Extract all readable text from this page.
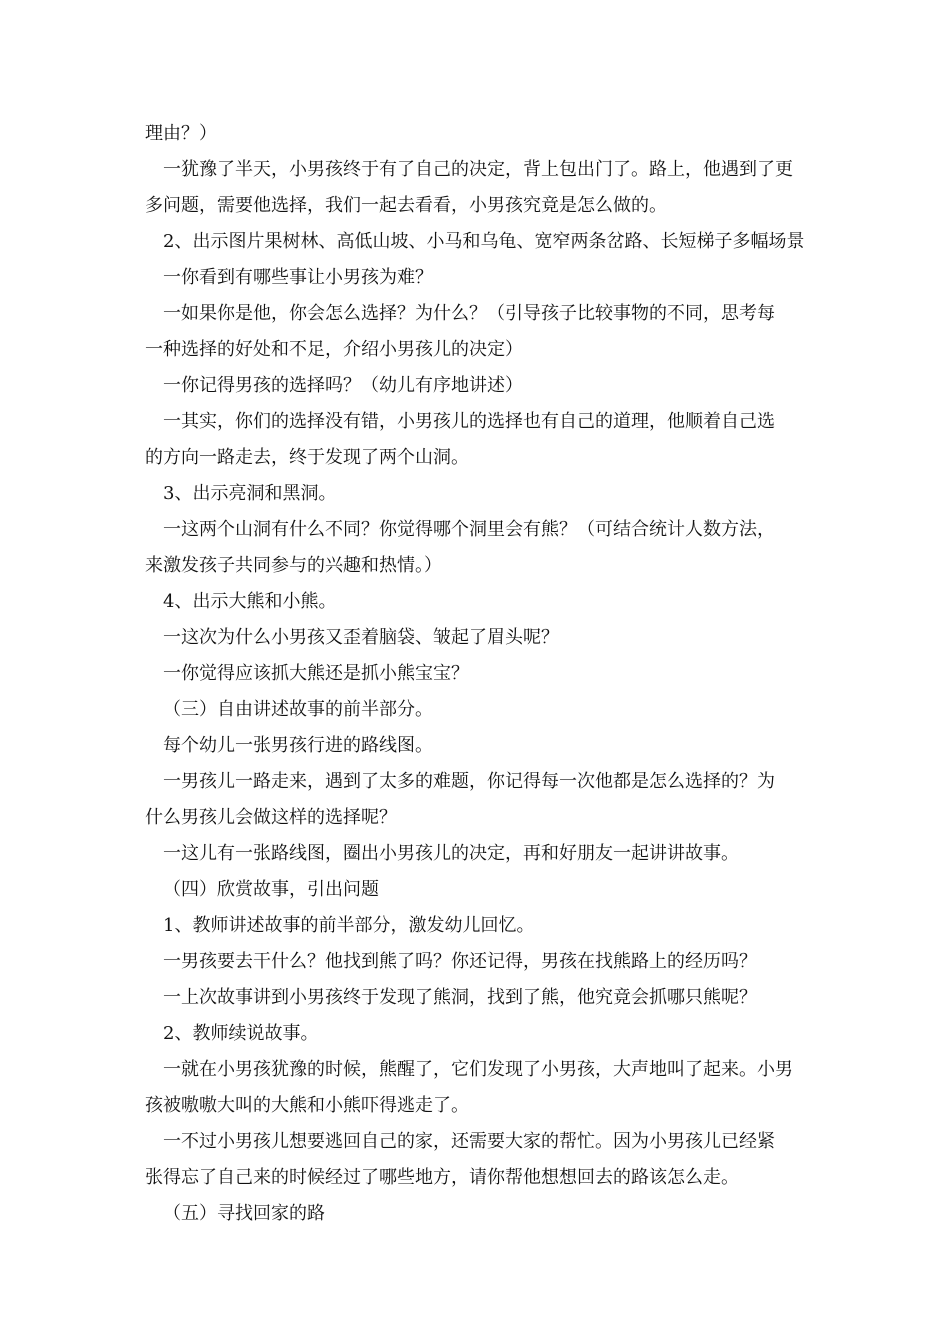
理由？）
一犹豫了半天，小男孩终于有了自己的决定，背上包出门了。路上，他遇到了更
多问题，需要他选择，我们一起去看看，小男孩究竟是怎么做的。
2、出示图片果树林、高低山坡、小马和乌龟、宽窄两条岔路、长短梯子多幅场景
一你看到有哪些事让小男孩为难？
一如果你是他，你会怎么选择？为什么？（引导孩子比较事物的不同，思考每
一种选择的好处和不足，介绍小男孩儿的决定）
一你记得男孩的选择吗？（幼儿有序地讲述）
一其实，你们的选择没有错，小男孩儿的选择也有自己的道理，他顺着自己选
的方向一路走去，终于发现了两个山洞。
3、出示亮洞和黑洞。
一这两个山洞有什么不同？你觉得哪个洞里会有熊？（可结合统计人数方法，
来激发孩子共同参与的兴趣和热情。）
4、出示大熊和小熊。
一这次为什么小男孩又歪着脑袋、皱起了眉头呢？
一你觉得应该抓大熊还是抓小熊宝宝？
（三）自由讲述故事的前半部分。
每个幼儿一张男孩行进的路线图。
一男孩儿一路走来，遇到了太多的难题，你记得每一次他都是怎么选择的？为
什么男孩儿会做这样的选择呢？
一这儿有一张路线图，圈出小男孩儿的决定，再和好朋友一起讲讲故事。
（四）欣赏故事，引出问题
1、教师讲述故事的前半部分，激发幼儿回忆。
一男孩要去干什么？他找到熊了吗？你还记得，男孩在找熊路上的经历吗？
一上次故事讲到小男孩终于发现了熊洞，找到了熊，他究竟会抓哪只熊呢？
2、教师续说故事。
一就在小男孩犹豫的时候，熊醒了，它们发现了小男孩，大声地叫了起来。小男
孩被嗷嗷大叫的大熊和小熊吓得逃走了。
一不过小男孩儿想要逃回自己的家，还需要大家的帮忙。因为小男孩儿已经紧
张得忘了自己来的时候经过了哪些地方，请你帮他想想回去的路该怎么走。
（五）寻找回家的路
